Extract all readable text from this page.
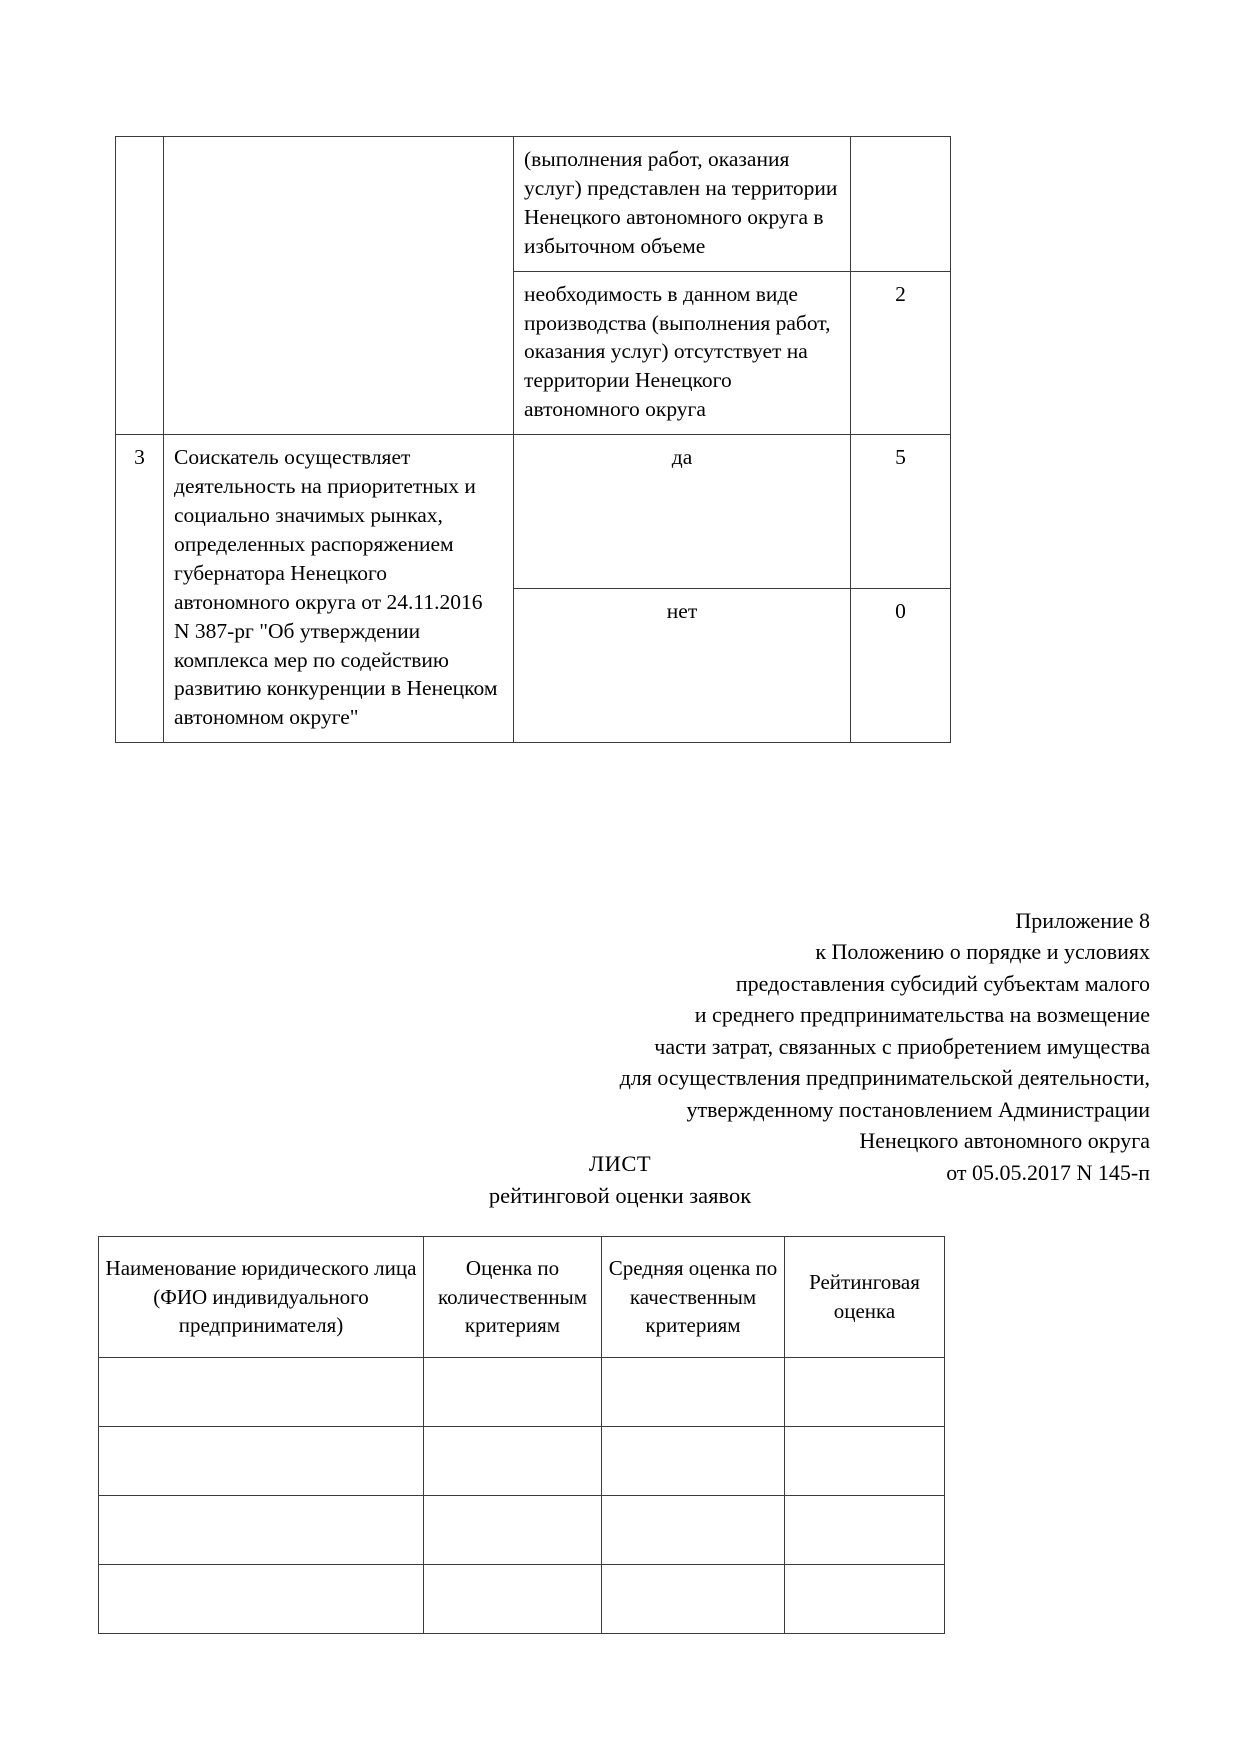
		(выполнения работ, оказания услуг) представлен на территории Ненецкого автономного округа в избыточном объеме	
		необходимость в данном виде производства (выполнения работ, оказания услуг) отсутствует на территории Ненецкого автономного округа	2
3	Соискатель осуществляет деятельность на приоритетных и социально значимых рынках, определенных распоряжением губернатора Ненецкого автономного округа от 24.11.2016 N 387-рг "Об утверждении комплекса мер по содействию развитию конкуренции в Ненецком автономном округе"	да	5
		нет	0
Приложение 8
к Положению о порядке и условиях
предоставления субсидий субъектам малого
и среднего предпринимательства на возмещение
части затрат, связанных с приобретением имущества
для осуществления предпринимательской деятельности,
утвержденному постановлением Администрации
Ненецкого автономного округа
от 05.05.2017 N 145-п
ЛИСТ
рейтинговой оценки заявок
Наименование юридического лица (ФИО индивидуального предпринимателя)	Оценка по количественным критериям	Средняя оценка по качественным критериям	Рейтинговая оценка
